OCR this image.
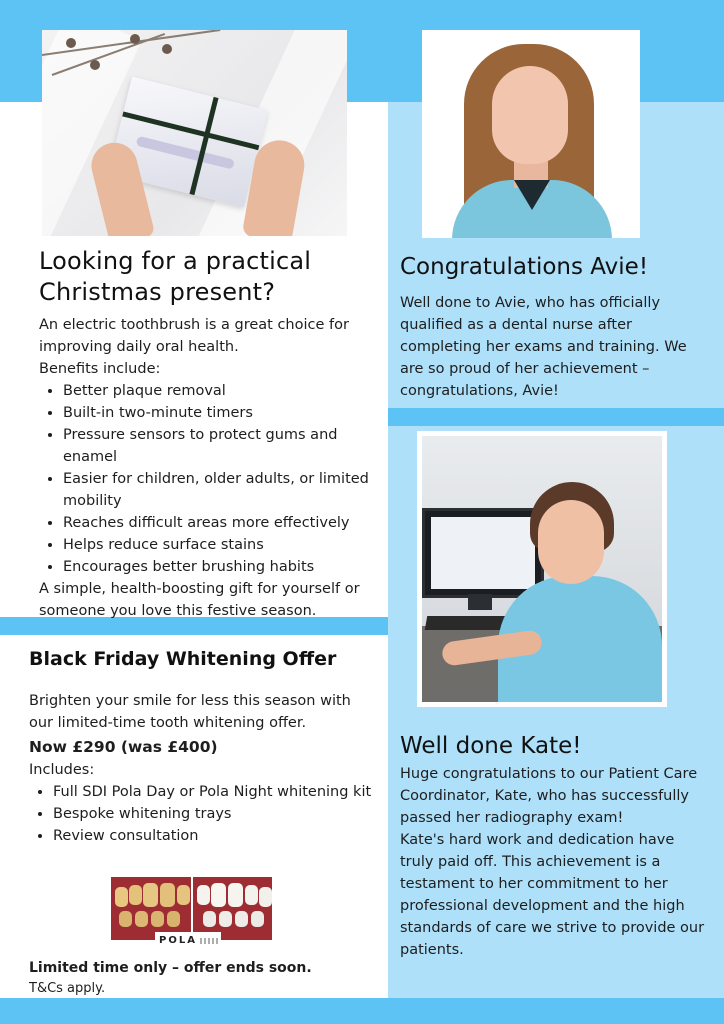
Looking for a practical
Christmas present?

An electric toothbrush is a great choice for improving daily oral health.

Benefits include:

• Better plaque removal
• Built-in two-minute timers
• Pressure sensors to protect gums and enamel
• Easier for children, older adults, or limited mobility
• Reaches difficult areas more effectively
• Helps reduce surface stains
• Encourages better brushing habits

A simple, health-boosting gift for yourself or someone you love this festive season.

Black Friday Whitening Offer

Brighten your smile for less this season with our limited-time tooth whitening offer.

Now £290 (was £400)

Includes:

• Full SDI Pola Day or Pola Night whitening kit
• Bespoke whitening trays
• Review consultation
POLA

Limited time only – offer ends soon.

T&Cs apply.

Congratulations Avie!

Well done to Avie, who has officially qualified as a dental nurse after completing her exams and training. We are so proud of her achievement – congratulations, Avie!

Well done Kate!

Huge congratulations to our Patient Care Coordinator, Kate, who has successfully passed her radiography exam!

Kate's hard work and dedication have truly paid off. This achievement is a testament to her commitment to her professional development and the high standards of care we strive to provide our patients.
